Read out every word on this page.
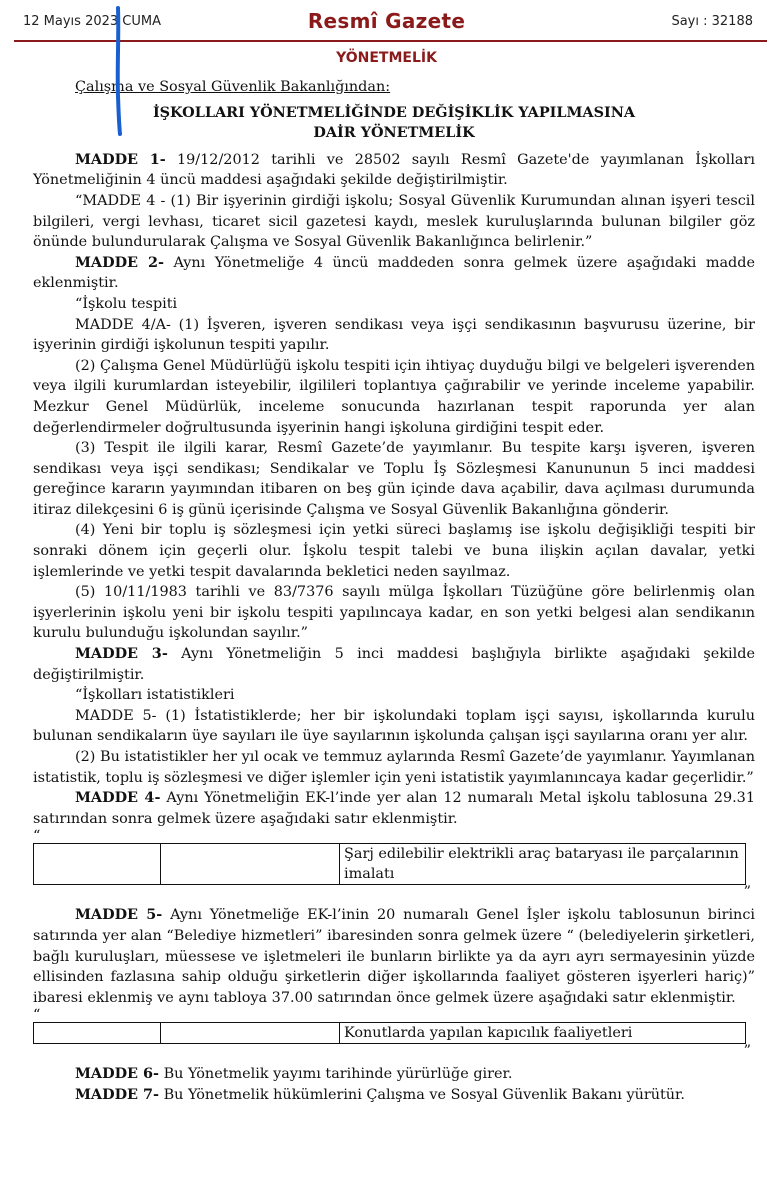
12 Mayıs 2023 CUMA	Resmî Gazete	Sayı : 32188
YÖNETMELİK

Çalışma ve Sosyal Güvenlik Bakanlığından:

İŞKOLLARI YÖNETMELİĞİNDE DEĞİŞİKLİK YAPILMASINA

DAİR YÖNETMELİK

MADDE 1- 19/12/2012 tarihli ve 28502 sayılı Resmî Gazete'de yayımlanan İşkolları Yönetmeliğinin 4 üncü maddesi aşağıdaki şekilde değiştirilmiştir.

“MADDE 4 - (1) Bir işyerinin girdiği işkolu; Sosyal Güvenlik Kurumundan alınan işyeri tescil bilgileri, vergi levhası, ticaret sicil gazetesi kaydı, meslek kuruluşlarında bulunan bilgiler göz önünde bulundurularak Çalışma ve Sosyal Güvenlik Bakanlığınca belirlenir.”

MADDE 2- Aynı Yönetmeliğe 4 üncü maddeden sonra gelmek üzere aşağıdaki madde eklenmiştir.

“İşkolu tespiti

MADDE 4/A- (1) İşveren, işveren sendikası veya işçi sendikasının başvurusu üzerine, bir işyerinin girdiği işkolunun tespiti yapılır.

(2) Çalışma Genel Müdürlüğü işkolu tespiti için ihtiyaç duyduğu bilgi ve belgeleri işverenden veya ilgili kurumlardan isteyebilir, ilgilileri toplantıya çağırabilir ve yerinde inceleme yapabilir. Mezkur Genel Müdürlük, inceleme sonucunda hazırlanan tespit raporunda yer alan değerlendirmeler doğrultusunda işyerinin hangi işkoluna girdiğini tespit eder.

(3) Tespit ile ilgili karar, Resmî Gazete’de yayımlanır. Bu tespite karşı işveren, işveren sendikası veya işçi sendikası; Sendikalar ve Toplu İş Sözleşmesi Kanununun 5 inci maddesi gereğince kararın yayımından itibaren on beş gün içinde dava açabilir, dava açılması durumunda itiraz dilekçesini 6 iş günü içerisinde Çalışma ve Sosyal Güvenlik Bakanlığına gönderir.

(4) Yeni bir toplu iş sözleşmesi için yetki süreci başlamış ise işkolu değişikliği tespiti bir sonraki dönem için geçerli olur. İşkolu tespit talebi ve buna ilişkin açılan davalar, yetki işlemlerinde ve yetki tespit davalarında bekletici neden sayılmaz.

(5) 10/11/1983 tarihli ve 83/7376 sayılı mülga İşkolları Tüzüğüne göre belirlenmiş olan işyerlerinin işkolu yeni bir işkolu tespiti yapılıncaya kadar, en son yetki belgesi alan sendikanın kurulu bulunduğu işkolundan sayılır.”

MADDE 3- Aynı Yönetmeliğin 5 inci maddesi başlığıyla birlikte aşağıdaki şekilde değiştirilmiştir.

“İşkolları istatistikleri

MADDE 5- (1) İstatistiklerde; her bir işkolundaki toplam işçi sayısı, işkollarında kurulu bulunan sendikaların üye sayıları ile üye sayılarının işkolunda çalışan işçi sayılarına oranı yer alır.

(2) Bu istatistikler her yıl ocak ve temmuz aylarında Resmî Gazete’de yayımlanır. Yayımlanan istatistik, toplu iş sözleşmesi ve diğer işlemler için yeni istatistik yayımlanıncaya kadar geçerlidir.”

MADDE 4- Aynı Yönetmeliğin EK-l’inde yer alan 12 numaralı Metal işkolu tablosuna 29.31 satırından sonra gelmek üzere aşağıdaki satır eklenmiştir.

“

		Şarj edilebilir elektrikli araç bataryası ile parçalarının imalatı

”

MADDE 5- Aynı Yönetmeliğe EK-l’inin 20 numaralı Genel İşler işkolu tablosunun birinci satırında yer alan “Belediye hizmetleri” ibaresinden sonra gelmek üzere “ (belediyelerin şirketleri, bağlı kuruluşları, müessese ve işletmeleri ile bunların birlikte ya da ayrı ayrı sermayesinin yüzde ellisinden fazlasına sahip olduğu şirketlerin diğer işkollarında faaliyet gösteren işyerleri hariç)” ibaresi eklenmiş ve aynı tabloya 37.00 satırından önce gelmek üzere aşağıdaki satır eklenmiştir.

“

		Konutlarda yapılan kapıcılık faaliyetleri

”

MADDE 6- Bu Yönetmelik yayımı tarihinde yürürlüğe girer.

MADDE 7- Bu Yönetmelik hükümlerini Çalışma ve Sosyal Güvenlik Bakanı yürütür.
